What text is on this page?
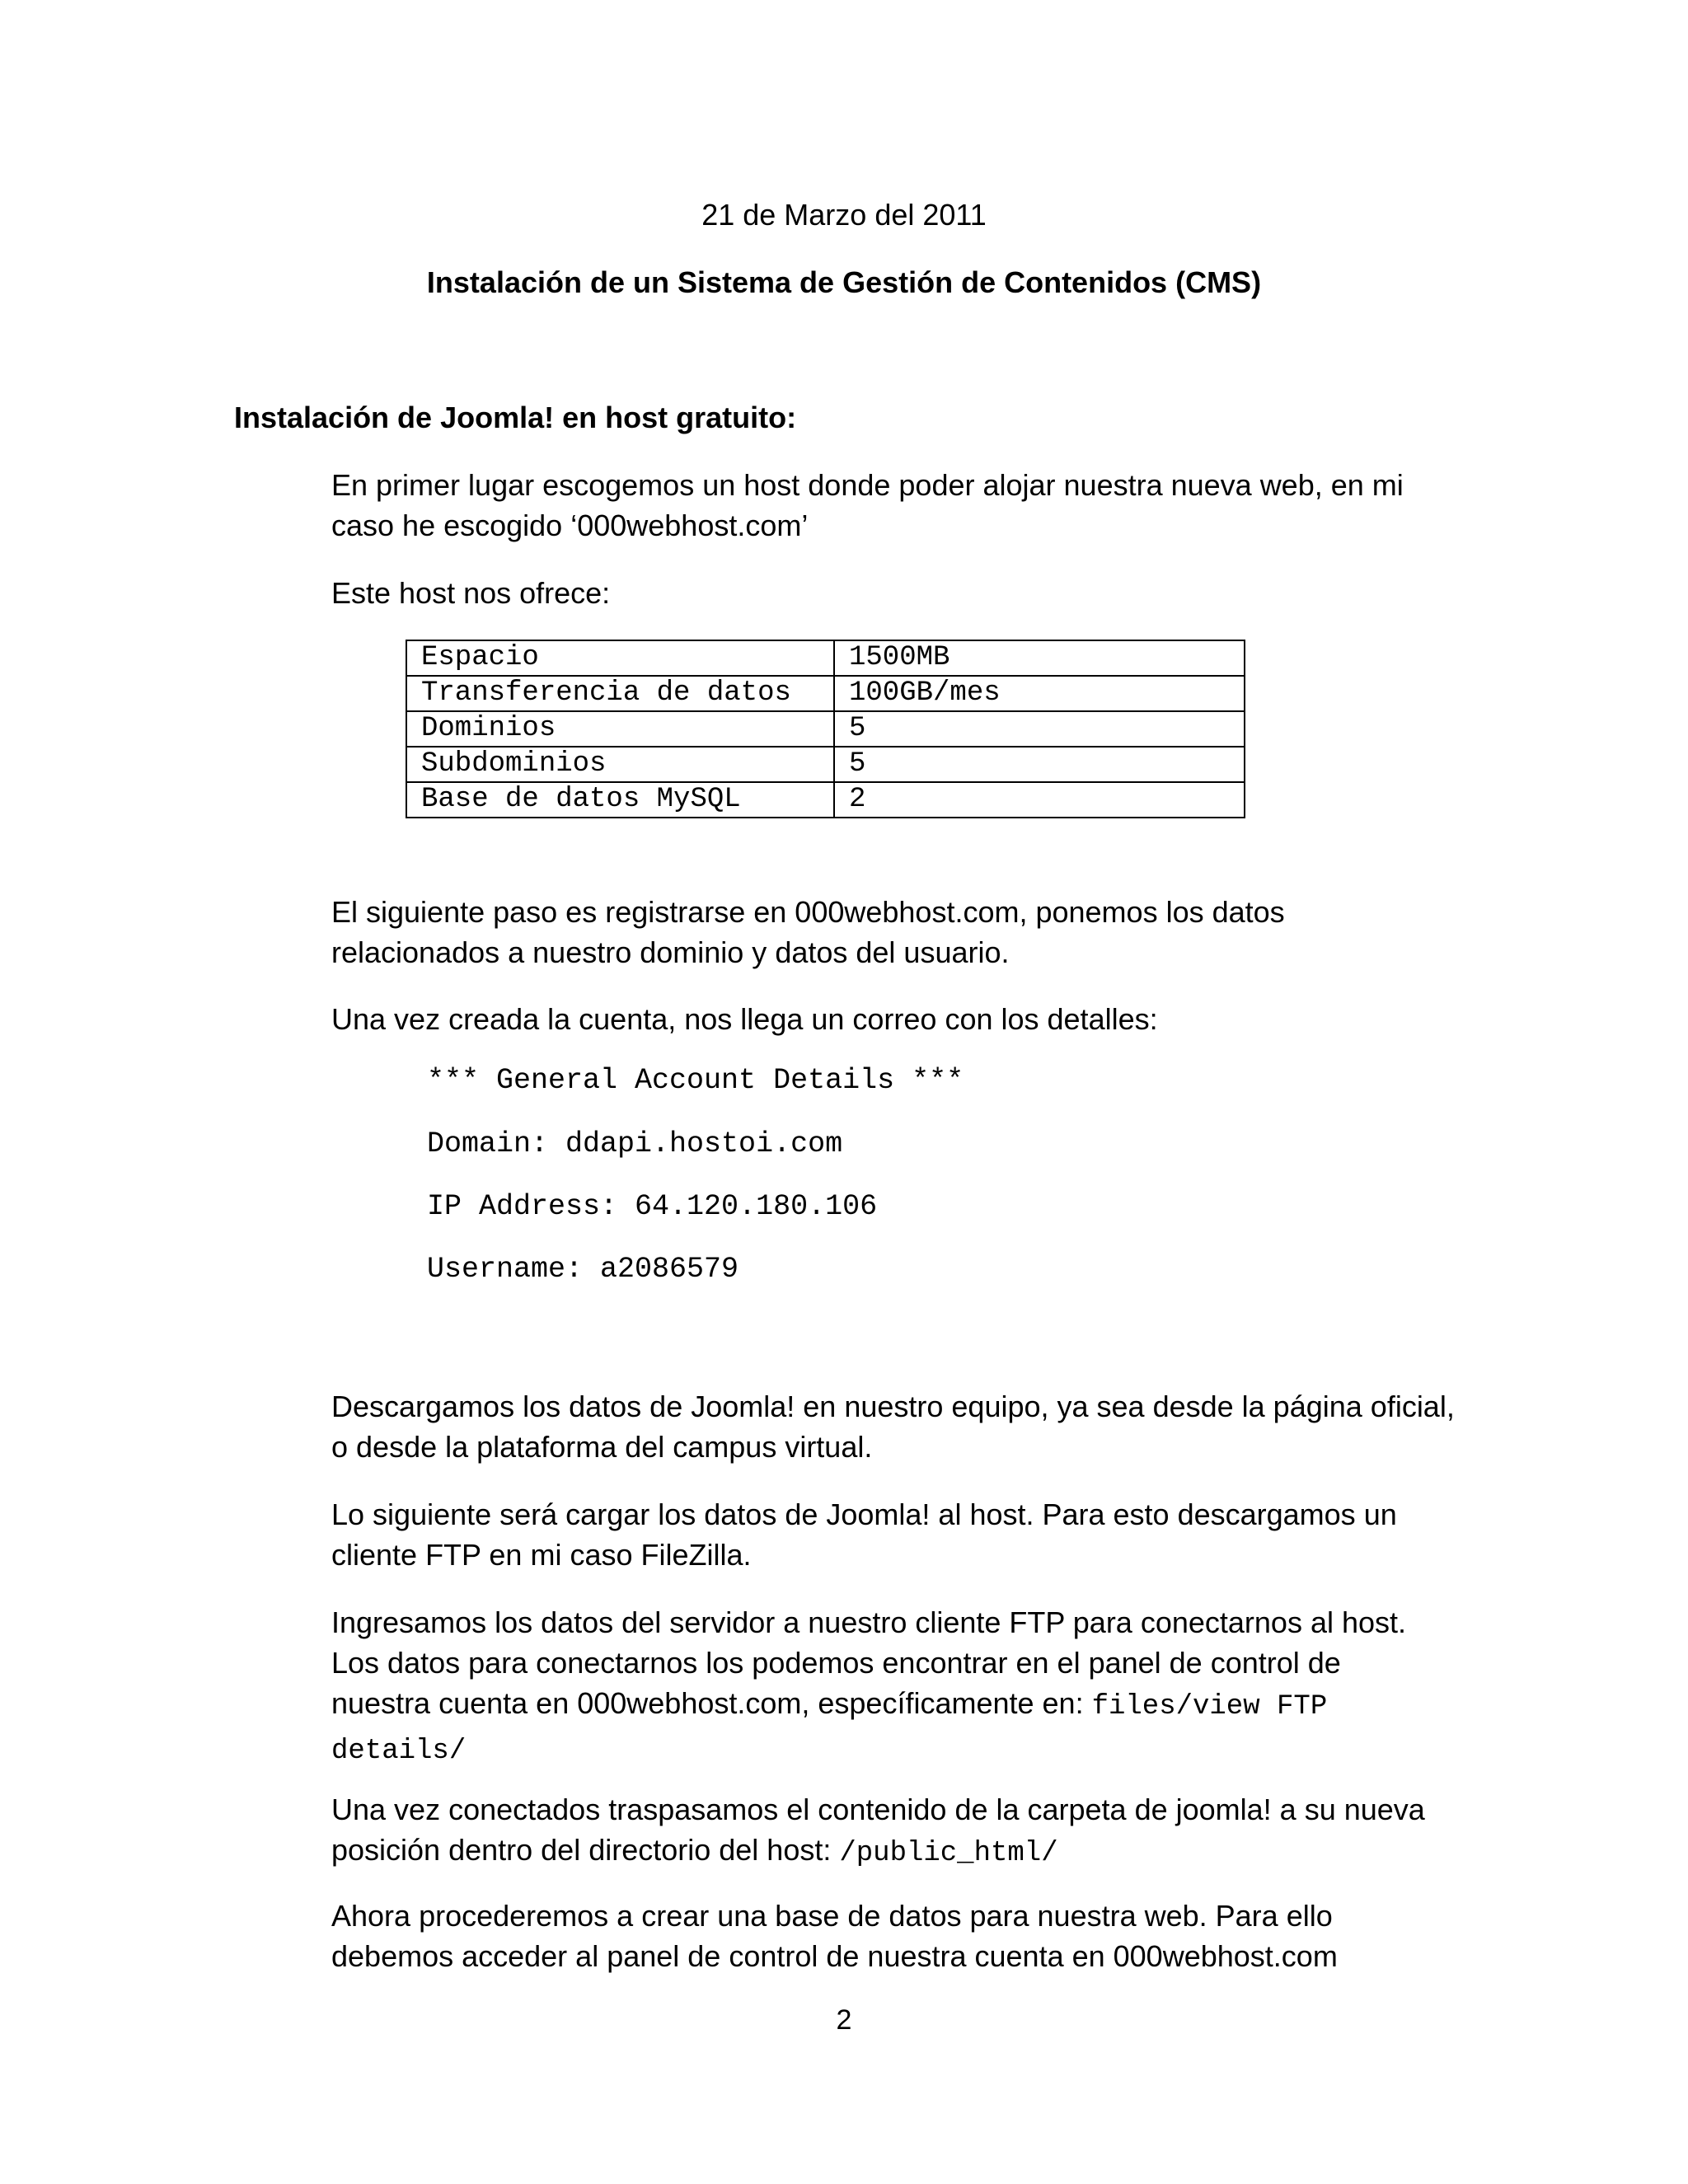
21 de Marzo del 2011

Instalación de un Sistema de Gestión de Contenidos (CMS)

Instalación de Joomla! en host gratuito:

En primer lugar escogemos un host donde poder alojar nuestra nueva web, en mi caso he escogido ‘000webhost.com’

Este host nos ofrece:

Espacio	1500MB
Transferencia de datos	100GB/mes
Dominios	5
Subdominios	5
Base de datos MySQL	2

El siguiente paso es registrarse en 000webhost.com, ponemos los datos relacionados a nuestro dominio y datos del usuario.

Una vez creada la cuenta, nos llega un correo con los detalles:

*** General Account Details ***

Domain: ddapi.hostoi.com

IP Address: 64.120.180.106

Username: a2086579

Descargamos los datos de Joomla! en nuestro equipo, ya sea desde la página oficial, o desde la plataforma del campus virtual.

Lo siguiente será cargar los datos de Joomla! al host. Para esto descargamos un cliente FTP en mi caso FileZilla.

Ingresamos los datos del servidor a nuestro cliente FTP para conectarnos al host. Los datos para conectarnos los podemos encontrar en el panel de control de nuestra cuenta en 000webhost.com, específicamente en: files/view FTP details/

Una vez conectados traspasamos el contenido de la carpeta de joomla! a su nueva posición dentro del directorio del host: /public_html/

Ahora procederemos a crear una base de datos para nuestra web. Para ello debemos acceder al panel de control de nuestra cuenta en 000webhost.com

2
